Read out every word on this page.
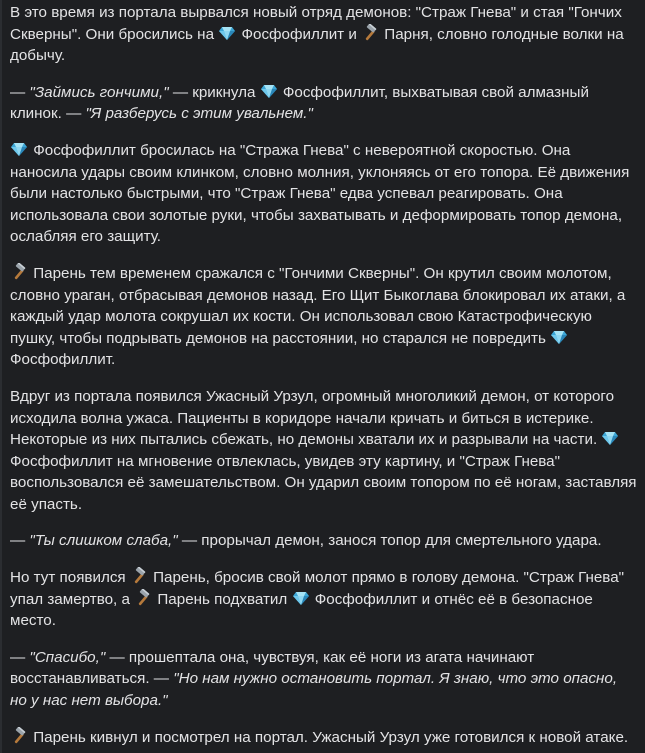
В это время из портала вырвался новый отряд демонов: "Страж Гнева" и стая "Гончих Скверны". Они бросились на
Фосфофиллит и
Парня, словно голодные волки на добычу.

— "Займись гончими," — крикнула
Фосфофиллит, выхватывая свой алмазный клинок. — "Я разберусь с этим увальнем."

Фосфофиллит бросилась на "Стража Гнева" с невероятной скоростью. Она наносила удары своим клинком, словно молния, уклоняясь от его топора. Её движения были настолько быстрыми, что "Страж Гнева" едва успевал реагировать. Она использовала свои золотые руки, чтобы захватывать и деформировать топор демона, ослабляя его защиту.

Парень тем временем сражался с "Гончими Скверны". Он крутил своим молотом, словно ураган, отбрасывая демонов назад. Его Щит Быкоглава блокировал их атаки, а каждый удар молота сокрушал их кости. Он использовал свою Катастрофическую пушку, чтобы подрывать демонов на расстоянии, но старался не повредить
Фосфофиллит.

Вдруг из портала появился Ужасный Урзул, огромный многоликий демон, от которого исходила волна ужаса. Пациенты в коридоре начали кричать и биться в истерике. Некоторые из них пытались сбежать, но демоны хватали их и разрывали на части.
Фосфофиллит на мгновение отвлеклась, увидев эту картину, и "Страж Гнева" воспользовался её замешательством. Он ударил своим топором по её ногам, заставляя её упасть.

— "Ты слишком слаба," — прорычал демон, занося топор для смертельного удара.

Но тут появился
Парень, бросив свой молот прямо в голову демона. "Страж Гнева" упал замертво, а
Парень подхватил
Фосфофиллит и отнёс её в безопасное место.

— "Спасибо," — прошептала она, чувствуя, как её ноги из агата начинают восстанавливаться. — "Но нам нужно остановить портал. Я знаю, что это опасно, но у нас нет выбора."

Парень кивнул и посмотрел на портал. Ужасный Урзул уже готовился к новой атаке.
